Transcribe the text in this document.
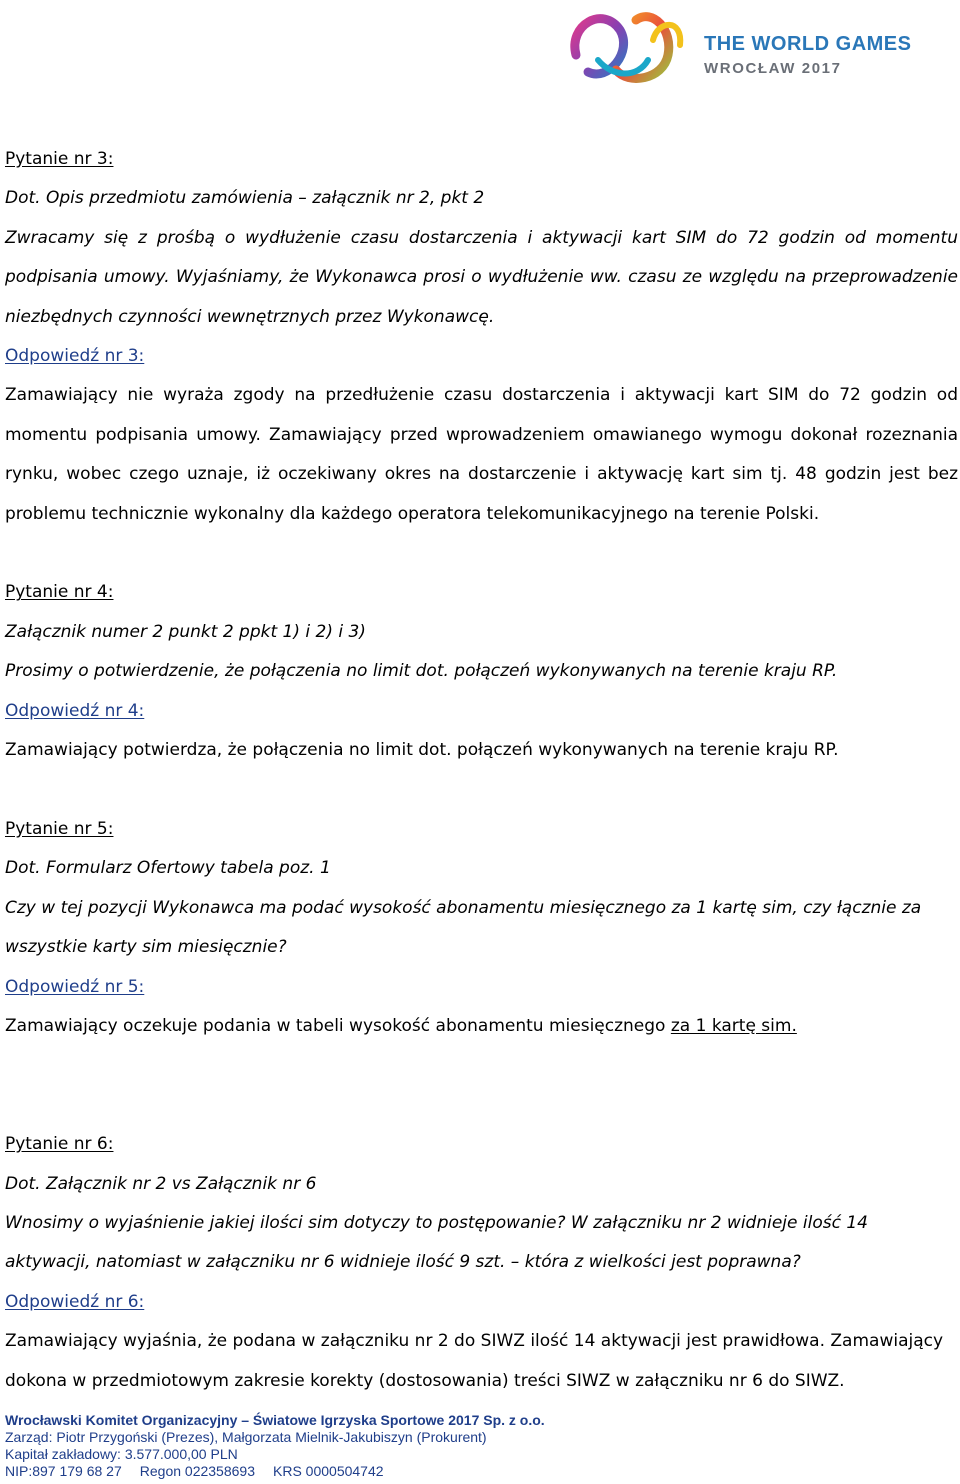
THE WORLD GAMES
WROCŁAW 2017

Pytanie nr 3:

Dot. Opis przedmiotu zamówienia – załącznik nr 2, pkt 2

Zwracamy się z prośbą o wydłużenie czasu dostarczenia i aktywacji kart SIM do 72 godzin od momentu podpisania umowy. Wyjaśniamy, że Wykonawca prosi o wydłużenie ww. czasu ze względu na przeprowadzenie niezbędnych czynności wewnętrznych przez Wykonawcę.

Odpowiedź nr 3:

Zamawiający nie wyraża zgody na przedłużenie czasu dostarczenia i aktywacji kart SIM do 72 godzin od momentu podpisania umowy. Zamawiający przed wprowadzeniem omawianego wymogu dokonał rozeznania rynku, wobec czego uznaje, iż oczekiwany okres na dostarczenie i aktywację kart sim tj. 48 godzin jest bez problemu technicznie wykonalny dla każdego operatora telekomunikacyjnego na terenie Polski.

Pytanie nr 4:

Załącznik numer 2 punkt 2 ppkt 1) i 2) i 3)

Prosimy o potwierdzenie, że połączenia no limit dot. połączeń wykonywanych na terenie kraju RP.

Odpowiedź nr 4:

Zamawiający potwierdza, że połączenia no limit dot. połączeń wykonywanych na terenie kraju RP.

Pytanie nr 5:

Dot. Formularz Ofertowy tabela poz. 1

Czy w tej pozycji Wykonawca ma podać wysokość abonamentu miesięcznego za 1 kartę sim, czy łącznie za wszystkie karty sim miesięcznie?

Odpowiedź nr 5:

Zamawiający oczekuje podania w tabeli wysokość abonamentu miesięcznego za 1 kartę sim.

Pytanie nr 6:

Dot. Załącznik nr 2 vs Załącznik nr 6

Wnosimy o wyjaśnienie jakiej ilości sim dotyczy to postępowanie? W załączniku nr 2 widnieje ilość 14 aktywacji, natomiast w załączniku nr 6 widnieje ilość 9 szt. – która z wielkości jest poprawna?

Odpowiedź nr 6:

Zamawiający wyjaśnia, że podana w załączniku nr 2 do SIWZ ilość 14 aktywacji jest prawidłowa. Zamawiający dokona w przedmiotowym zakresie korekty (dostosowania) treści SIWZ w załączniku nr 6 do SIWZ.

Wrocławski Komitet Organizacyjny – Światowe Igrzyska Sportowe 2017 Sp. z o.o.
Zarząd: Piotr Przygoński (Prezes), Małgorzata Mielnik-Jakubiszyn (Prokurent)
Kapitał zakładowy: 3.577.000,00 PLN
NIP:897 179 68 27 Regon 022358693 KRS 0000504742
